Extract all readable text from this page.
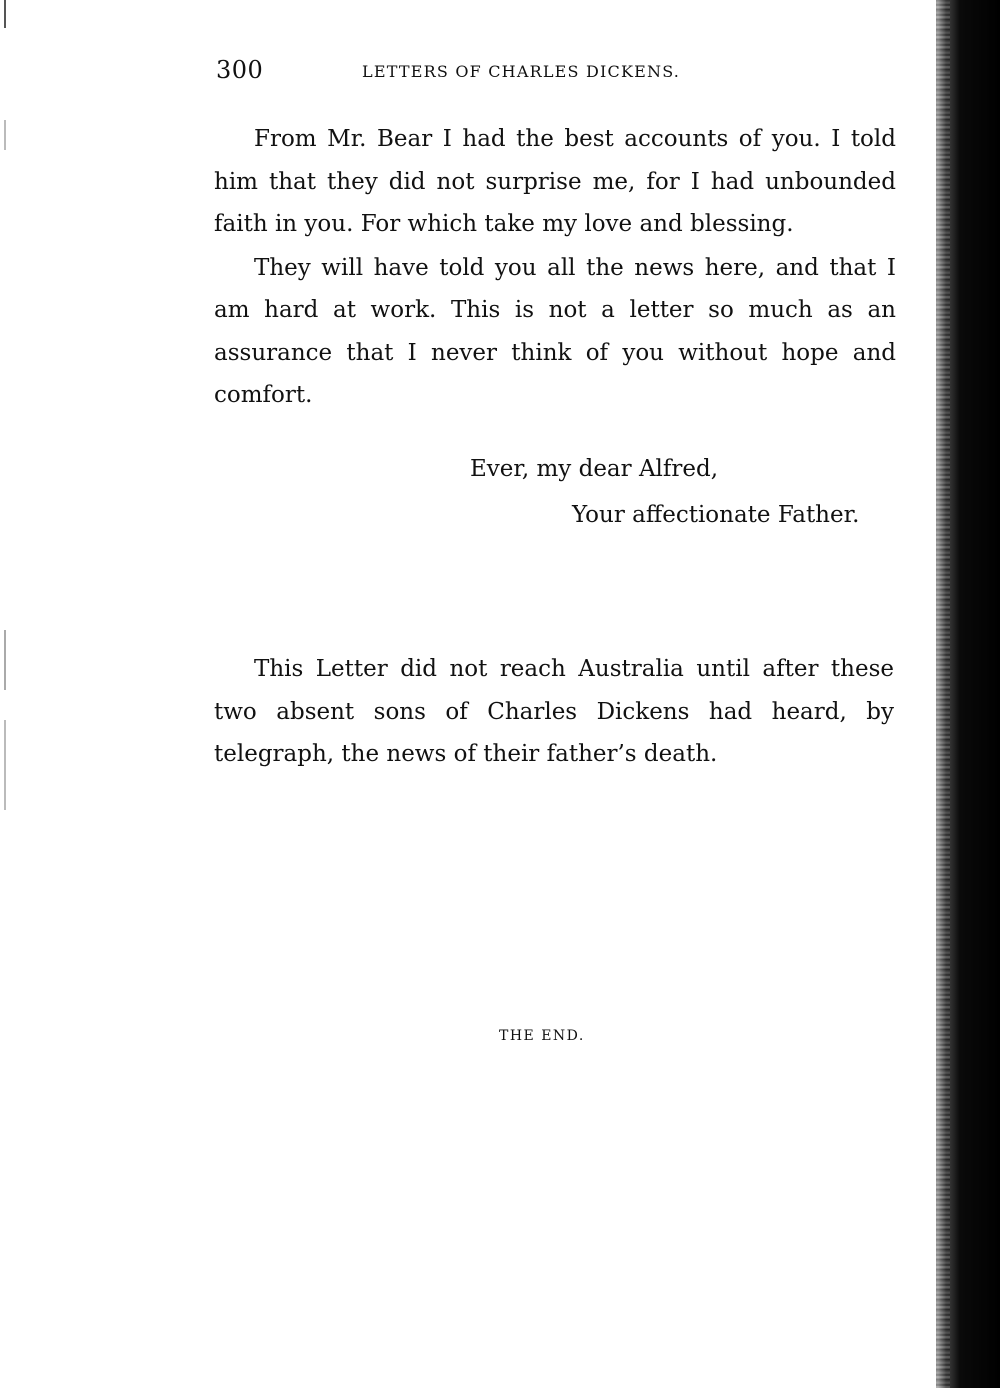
300	LETTERS OF CHARLES DICKENS.

From Mr. Bear I had the best accounts of you. I told him that they did not surprise me, for I had unbounded faith in you. For which take my love and blessing.

They will have told you all the news here, and that I am hard at work. This is not a letter so much as an assurance that I never think of you without hope and comfort.

Ever, my dear Alfred,
Your affectionate Father.

This Letter did not reach Australia until after these two absent sons of Charles Dickens had heard, by telegraph, the news of their father’s death.

THE END.
